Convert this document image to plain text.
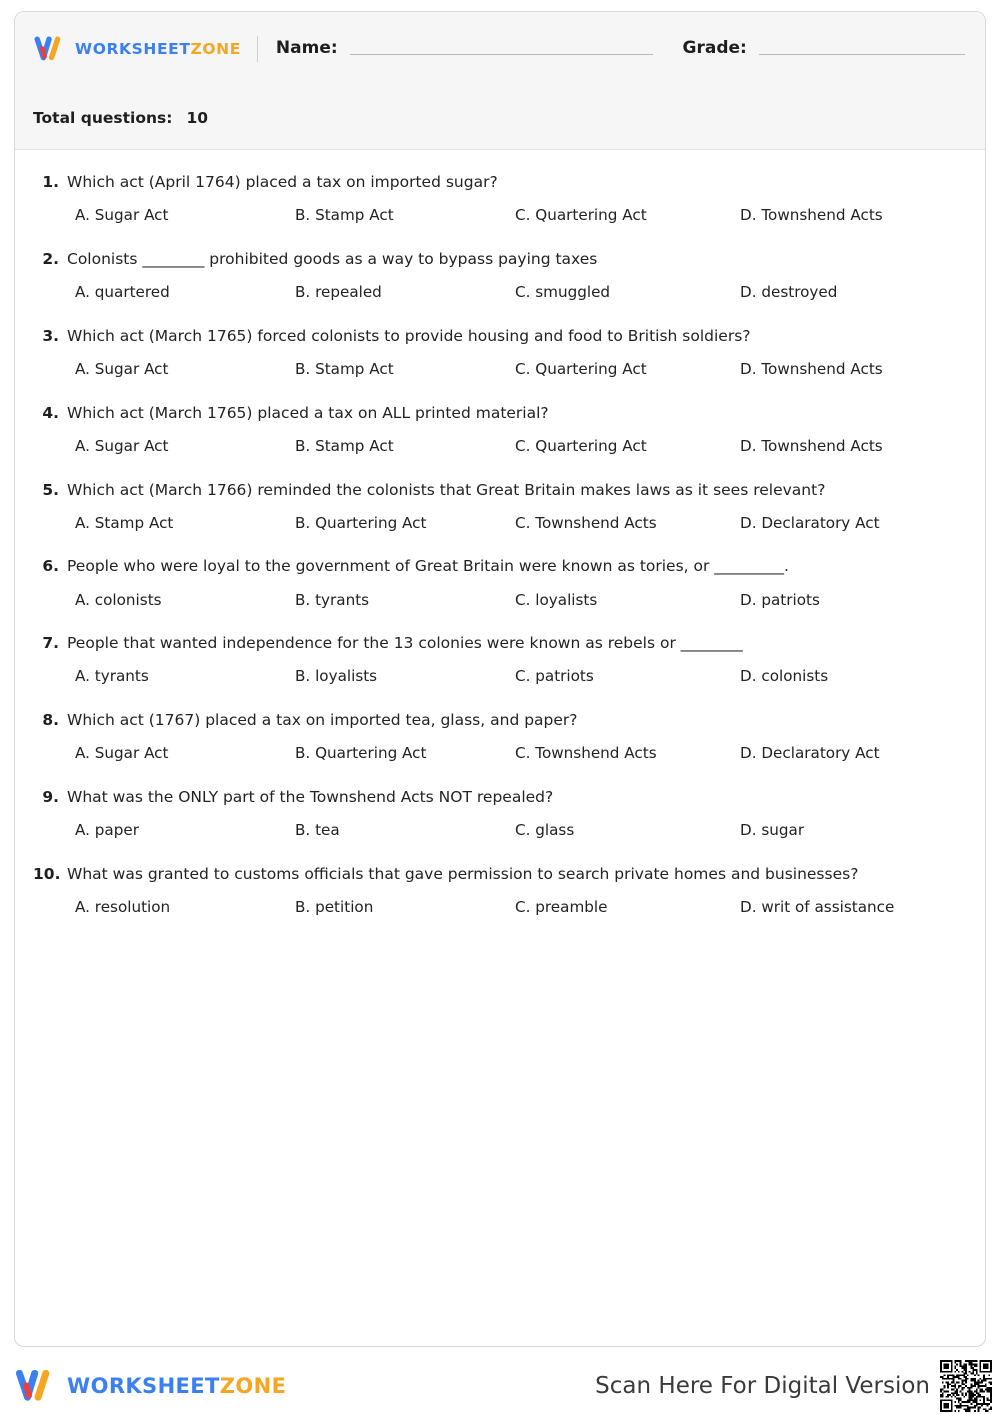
WORKSHEETZONE Name:	Grade:
Total questions: 10
1. Which act (April 1764) placed a tax on imported sugar?
A. Sugar Act	B. Stamp Act	C. Quartering Act	D. Townshend Acts
2. Colonists ________ prohibited goods as a way to bypass paying taxes
A. quartered	B. repealed	C. smuggled	D. destroyed
3. Which act (March 1765) forced colonists to provide housing and food to British soldiers?
A. Sugar Act	B. Stamp Act	C. Quartering Act	D. Townshend Acts
4. Which act (March 1765) placed a tax on ALL printed material?
A. Sugar Act	B. Stamp Act	C. Quartering Act	D. Townshend Acts
5. Which act (March 1766) reminded the colonists that Great Britain makes laws as it sees relevant?
A. Stamp Act	B. Quartering Act	C. Townshend Acts	D. Declaratory Act
6. People who were loyal to the government of Great Britain were known as tories, or _________.
A. colonists	B. tyrants	C. loyalists	D. patriots
7. People that wanted independence for the 13 colonies were known as rebels or ________
A. tyrants	B. loyalists	C. patriots	D. colonists
8. Which act (1767) placed a tax on imported tea, glass, and paper?
A. Sugar Act	B. Quartering Act	C. Townshend Acts	D. Declaratory Act
9. What was the ONLY part of the Townshend Acts NOT repealed?
A. paper	B. tea	C. glass	D. sugar
10. What was granted to customs officials that gave permission to search private homes and businesses?
A. resolution	B. petition	C. preamble	D. writ of assistance
WORKSHEETZONE	Scan Here For Digital Version
